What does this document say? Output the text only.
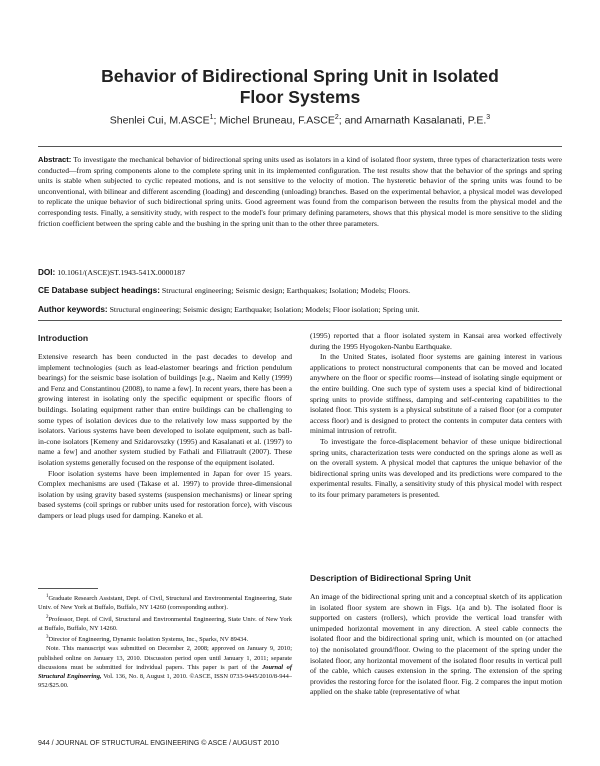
Behavior of Bidirectional Spring Unit in Isolated
Floor Systems
Shenlei Cui, M.ASCE$^1$; Michel Bruneau, F.ASCE$^2$; and Amarnath Kasalanati, P.E.$^3$
Abstract: To investigate the mechanical behavior of bidirectional spring units used as isolators in a kind of isolated floor system, three types of characterization tests were conducted—from spring components alone to the complete spring unit in its implemented configuration. The test results show that the behavior of the springs and spring units is stable when subjected to cyclic repeated motions, and is not sensitive to the velocity of motion. The hysteretic behavior of the spring units was found to be unconventional, with bilinear and different ascending (loading) and descending (unloading) branches. Based on the experimental behavior, a physical model was developed to replicate the unique behavior of such bidirectional spring units. Good agreement was found from the comparison between the results from the physical model and the corresponding tests. Finally, a sensitivity study, with respect to the model's four primary defining parameters, shows that this physical model is more sensitive to the sliding friction coefficient between the spring cable and the bushing in the spring unit than to the other three parameters.
DOI: 10.1061/(ASCE)ST.1943-541X.0000187
CE Database subject headings: Structural engineering; Seismic design; Earthquakes; Isolation; Models; Floors.
Author keywords: Structural engineering; Seismic design; Earthquake; Isolation; Models; Floor isolation; Spring unit.
Introduction

Extensive research has been conducted in the past decades to develop and implement technologies (such as lead-elastomer bearings and friction pendulum bearings) for the seismic base isolation of buildings [e.g., Naeim and Kelly (1999) and Fenz and Constantinou (2008), to name a few]. In recent years, there has been a growing interest in isolating only the specific equipment or specific floors of buildings. Isolating equipment rather than entire buildings can be challenging to some types of isolation devices due to the relatively low mass supported by the isolators. Various systems have been developed to isolate equipment, such as ball-in-cone isolators [Kemeny and Szidarovszky (1995) and Kasalanati et al. (1997) to name a few] and another system studied by Fathali and Filiatrault (2007). These isolation systems generally focused on the response of the equipment isolated.

Floor isolation systems have been implemented in Japan for over 15 years. Complex mechanisms are used (Takase et al. 1997) to provide three-dimensional isolation by using gravity based systems (suspension mechanisms) or linear spring based systems (coil springs or rubber units used for restoration force), with viscous dampers or lead plugs used for damping. Kaneko et al.

$^1$Graduate Research Assistant, Dept. of Civil, Structural and Environmental Engineering, State Univ. of New York at Buffalo, Buffalo, NY 14260 (corresponding author).

$^2$Professor, Dept. of Civil, Structural and Environmental Engineering, State Univ. of New York at Buffalo, Buffalo, NY 14260.

$^3$Director of Engineering, Dynamic Isolation Systems, Inc., Sparks, NV 89434.

Note. This manuscript was submitted on December 2, 2008; approved on January 9, 2010; published online on January 13, 2010. Discussion period open until January 1, 2011; separate discussions must be submitted for individual papers. This paper is part of the Journal of Structural Engineering, Vol. 136, No. 8, August 1, 2010. ©ASCE, ISSN 0733-9445/2010/8-944–952/$25.00.

(1995) reported that a floor isolated system in Kansai area worked effectively during the 1995 Hyogoken-Nanbu Earthquake.

In the United States, isolated floor systems are gaining interest in various applications to protect nonstructural components that can be moved and located anywhere on the floor or specific rooms—instead of isolating single equipment or the entire building. One such type of system uses a special kind of bidirectional spring units to provide stiffness, damping and self-centering capabilities to the isolated floor. This system is a physical substitute of a raised floor (or a computer access floor) and is designed to protect the contents in computer data centers with minimal intrusion of retrofit.

To investigate the force-displacement behavior of these unique bidirectional spring units, characterization tests were conducted on the springs alone as well as on the overall system. A physical model that captures the unique behavior of the bidirectional spring units was developed and its predictions were compared to the experimental results. Finally, a sensitivity study of this physical model with respect to its four primary parameters is presented.

Description of Bidirectional Spring Unit

An image of the bidirectional spring unit and a conceptual sketch of its application in isolated floor system are shown in Figs. 1(a and b). The isolated floor is supported on casters (rollers), which provide the vertical load transfer with unimpeded horizontal movement in any direction. A steel cable connects the isolated floor and the bidirectional spring unit, which is mounted on (or attached to) the nonisolated ground/floor. Owing to the placement of the spring under the isolated floor, any horizontal movement of the isolated floor results in vertical pull of the cable, which causes extension in the spring. The extension of the spring provides the restoring force for the isolated floor. Fig. 2 compares the input motion applied on the shake table (representative of what

944 / JOURNAL OF STRUCTURAL ENGINEERING © ASCE / AUGUST 2010
